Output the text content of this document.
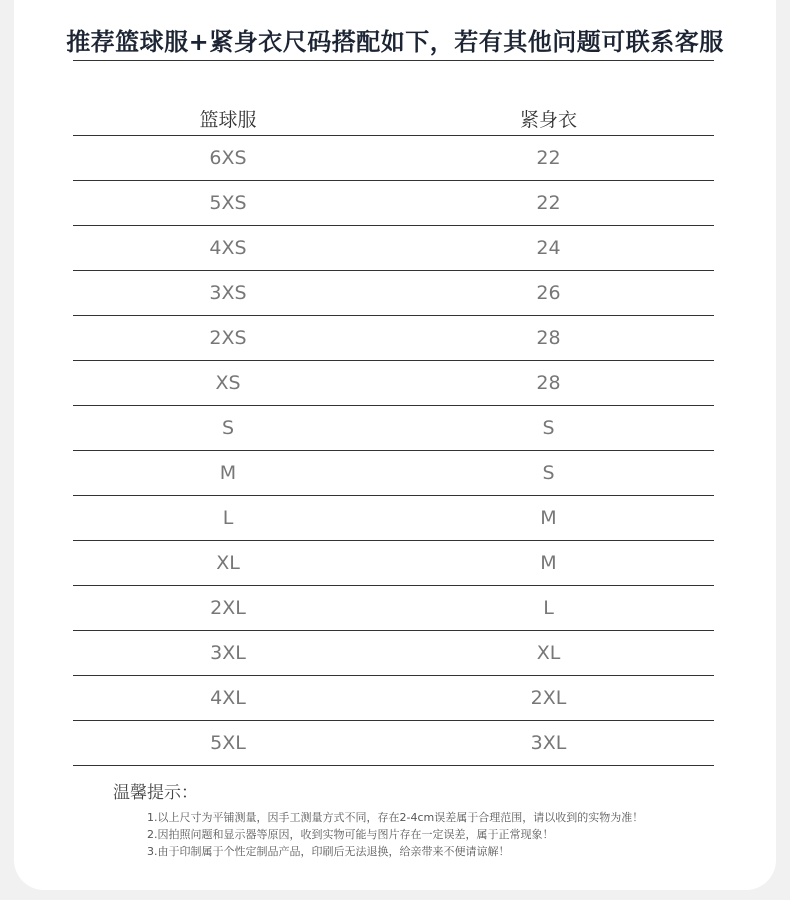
推荐篮球服+紧身衣尺码搭配如下，若有其他问题可联系客服
篮球服	紧身衣
6XS	22
5XS	22
4XS	24
3XS	26
2XS	28
XS	28
S	S
M	S
L	M
XL	M
2XL	L
3XL	XL
4XL	2XL
5XL	3XL
温馨提示：
1.以上尺寸为平铺测量，因手工测量方式不同，存在2-4cm误差属于合理范围，请以收到的实物为准！
2.因拍照问题和显示器等原因，收到实物可能与图片存在一定误差，属于正常现象！
3.由于印制属于个性定制品产品，印刷后无法退换，给亲带来不便请谅解！
